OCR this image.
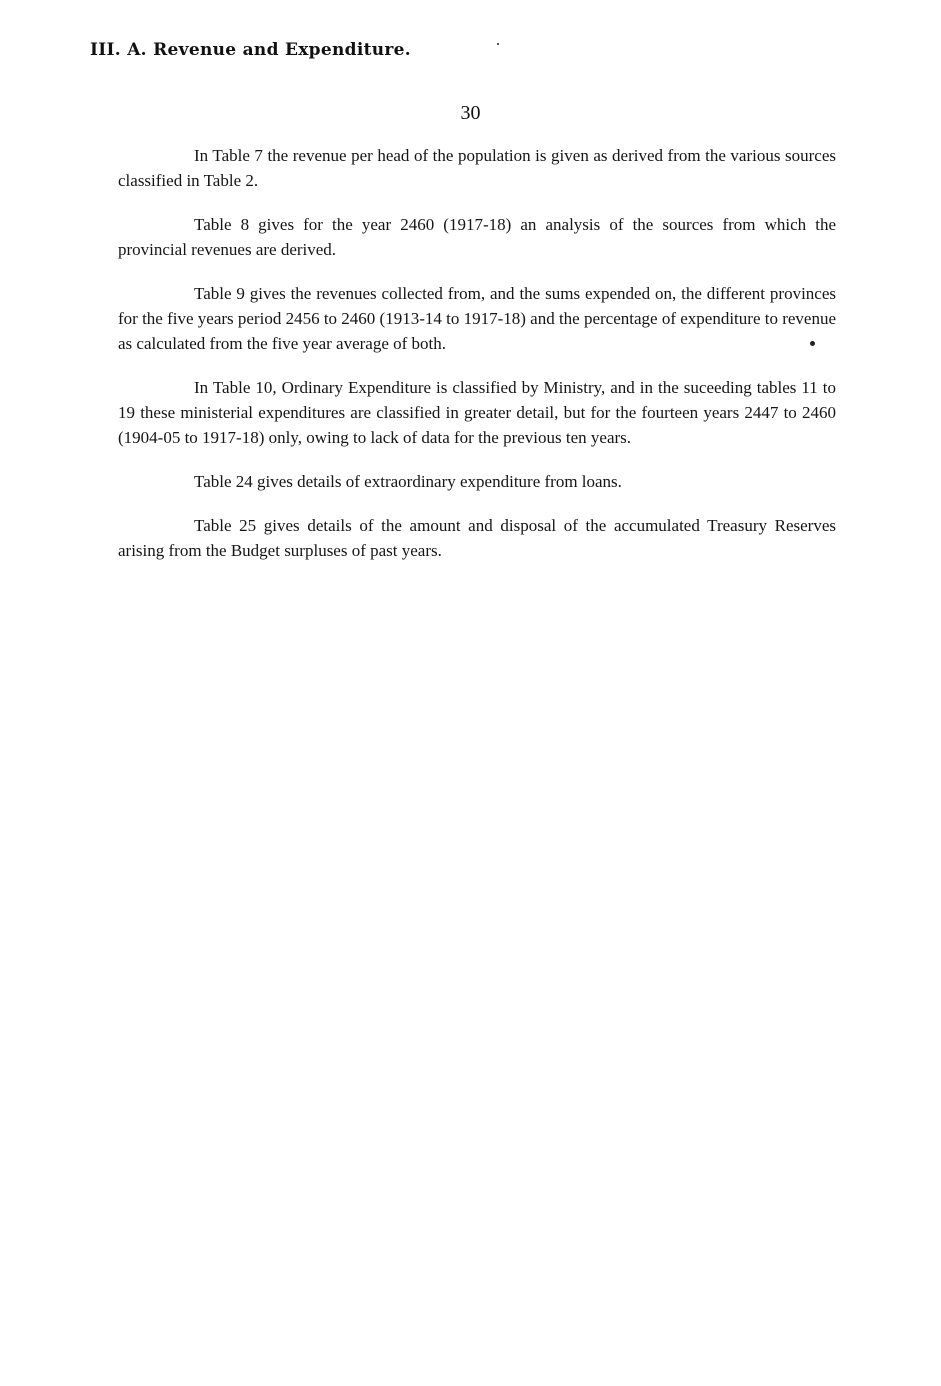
III. A. Revenue and Expenditure.
30

In Table 7 the revenue per head of the population is given as derived from the various sources classified in Table 2.

Table 8 gives for the year 2460 (1917-18) an analysis of the sources from which the provincial revenues are derived.

Table 9 gives the revenues collected from, and the sums expended on, the different provinces for the five years period 2456 to 2460 (1913-14 to 1917-18) and the percentage of expenditure to revenue as calculated from the five year average of both.

In Table 10, Ordinary Expenditure is classified by Ministry, and in the suceeding tables 11 to 19 these ministerial expenditures are classified in greater detail, but for the fourteen years 2447 to 2460 (1904-05 to 1917-18) only, owing to lack of data for the previous ten years.

Table 24 gives details of extraordinary expenditure from loans.

Table 25 gives details of the amount and disposal of the accumulated Treasury Reserves arising from the Budget surpluses of past years.
